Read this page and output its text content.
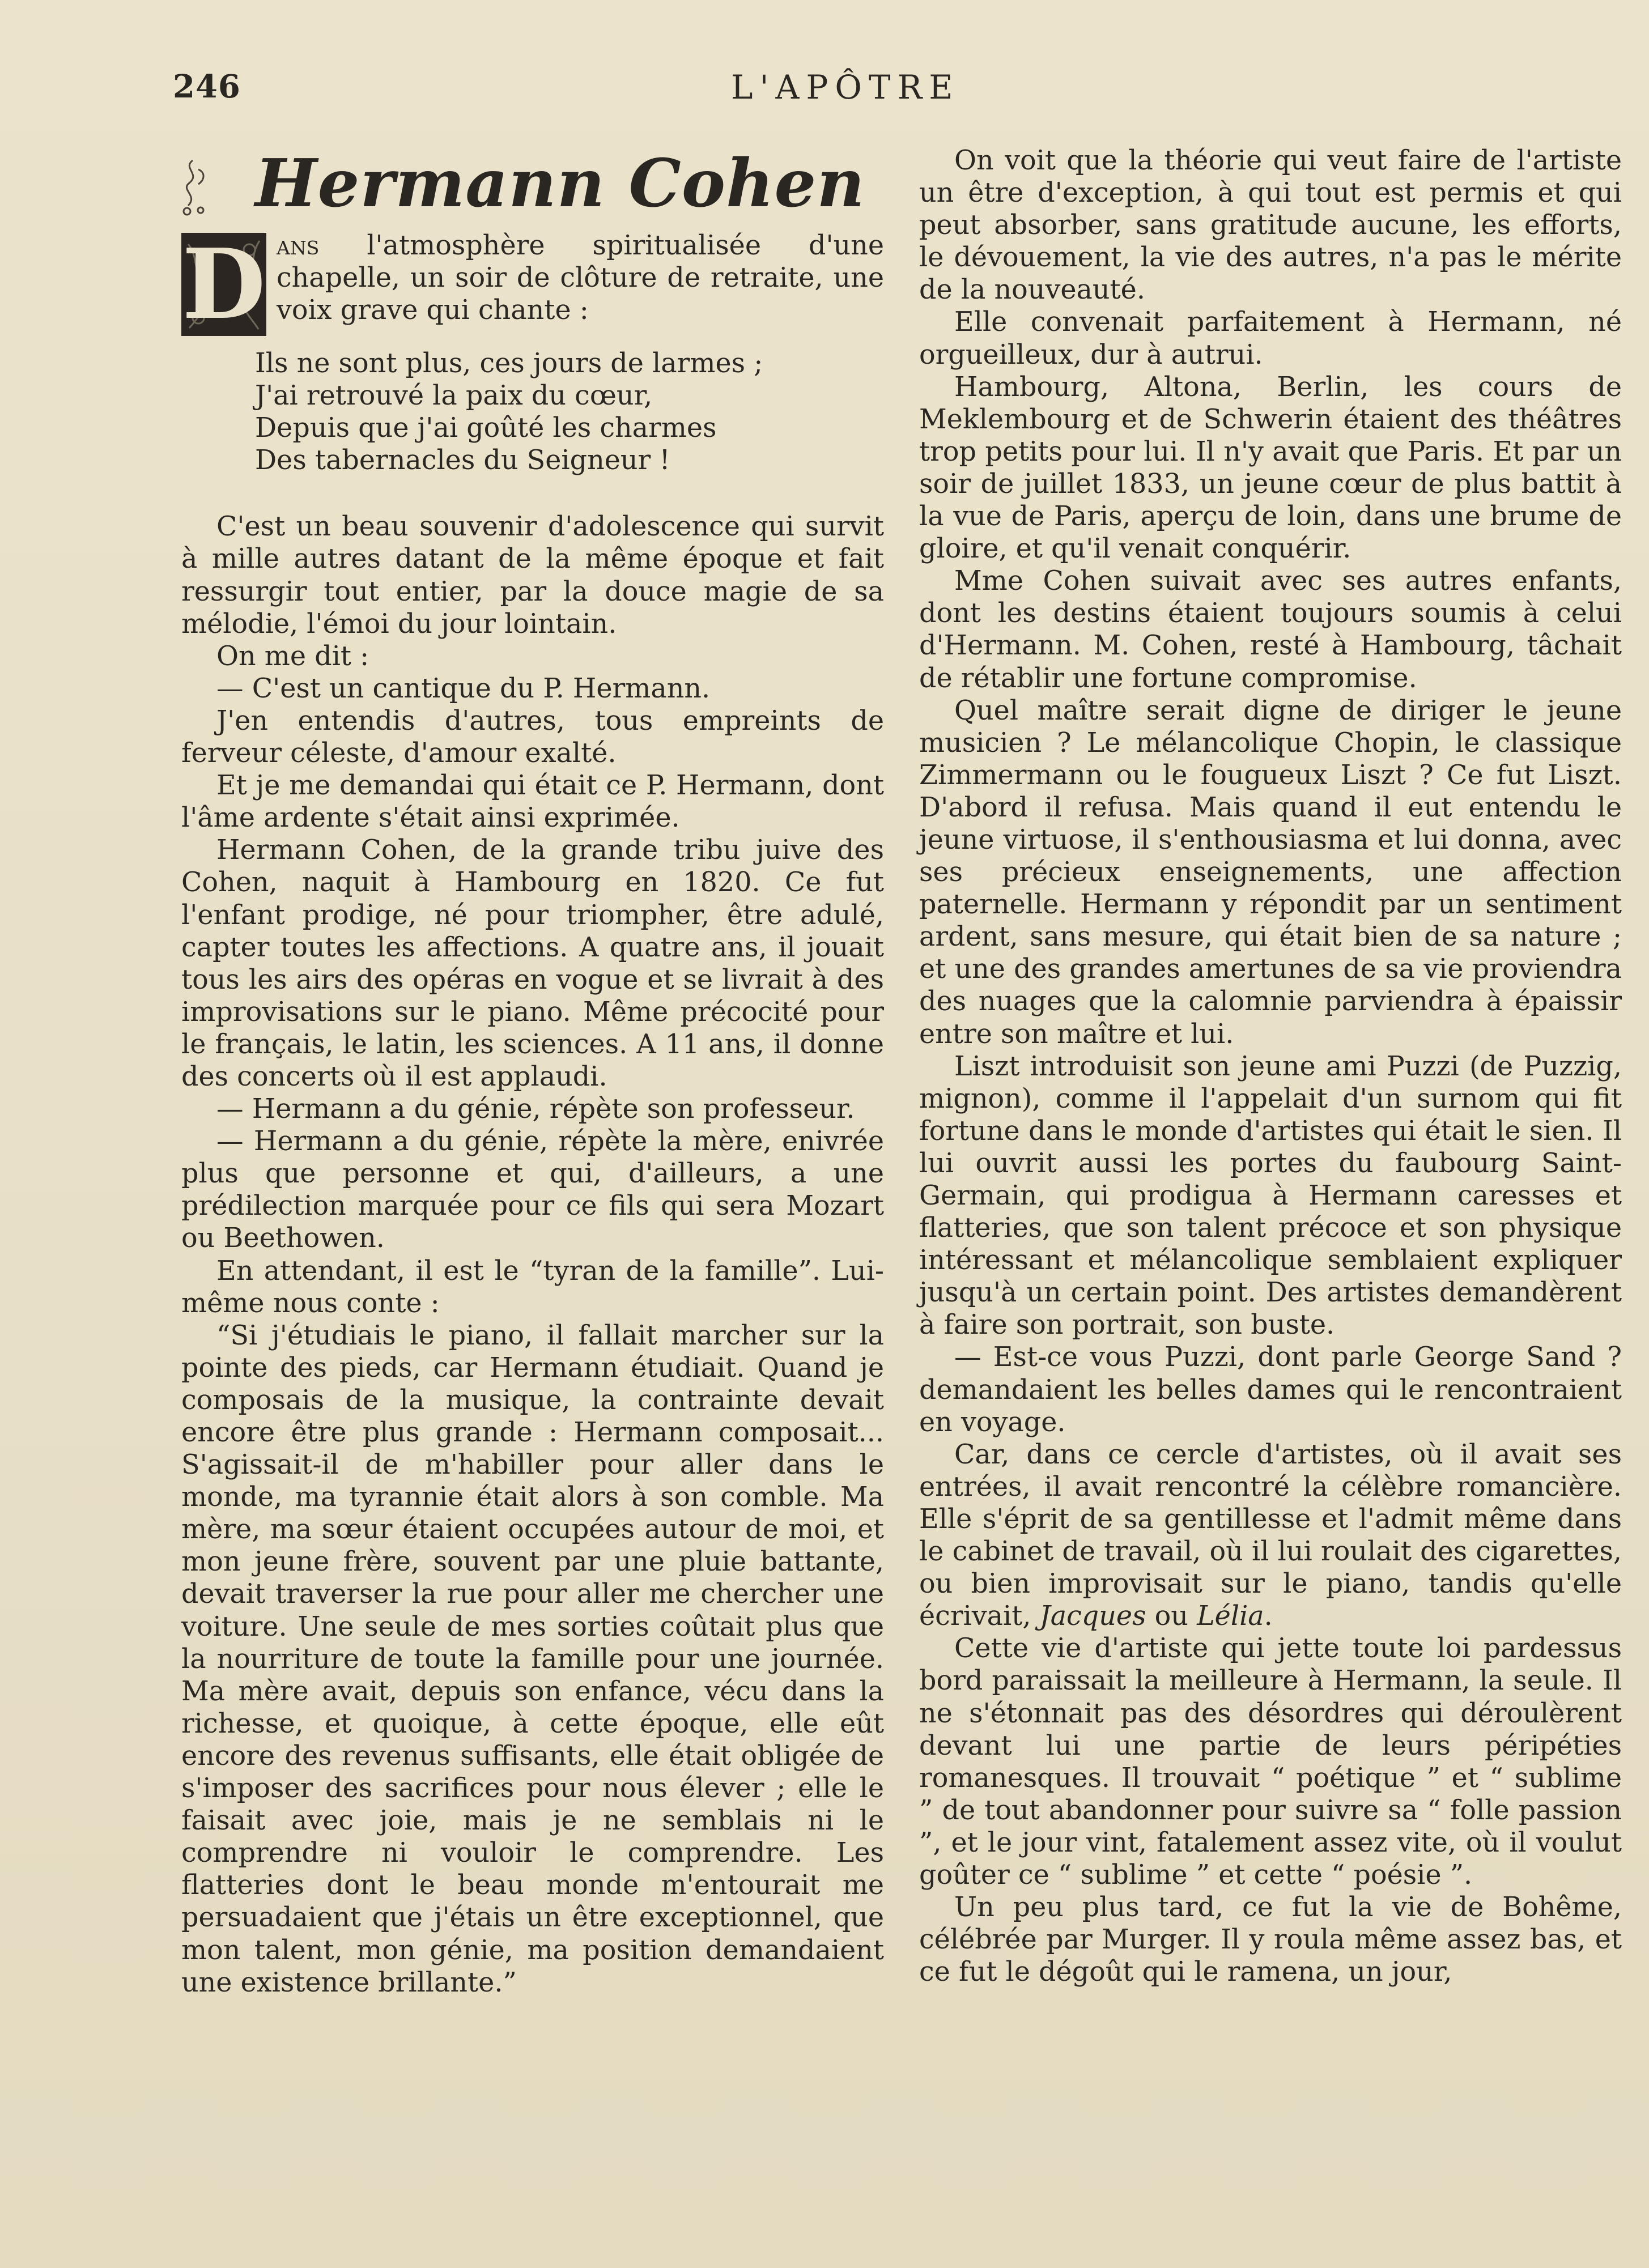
246	L'APÔTRE
Hermann Cohen
D ans l'atmosphère spiritualisée d'une chapelle, un soir de clôture de retraite, une voix grave qui chante :

Ils ne sont plus, ces jours de larmes ;
J'ai retrouvé la paix du cœur,
Depuis que j'ai goûté les charmes
Des tabernacles du Seigneur !

C'est un beau souvenir d'adolescence qui survit à mille autres datant de la même époque et fait ressurgir tout entier, par la douce magie de sa mélodie, l'émoi du jour lointain.

On me dit :

— C'est un cantique du P. Hermann.

J'en entendis d'autres, tous empreints de ferveur céleste, d'amour exalté.

Et je me demandai qui était ce P. Hermann, dont l'âme ardente s'était ainsi exprimée.

Hermann Cohen, de la grande tribu juive des Cohen, naquit à Hambourg en 1820. Ce fut l'enfant prodige, né pour triompher, être adulé, capter toutes les affections. A quatre ans, il jouait tous les airs des opéras en vogue et se livrait à des improvisations sur le piano. Même précocité pour le français, le latin, les sciences. A 11 ans, il donne des concerts où il est applaudi.

— Hermann a du génie, répète son professeur.

— Hermann a du génie, répète la mère, enivrée plus que personne et qui, d'ailleurs, a une prédilection marquée pour ce fils qui sera Mozart ou Beethowen.

En attendant, il est le “tyran de la famille”. Lui-même nous conte :

“Si j'étudiais le piano, il fallait marcher sur la pointe des pieds, car Hermann étudiait. Quand je composais de la musique, la contrainte devait encore être plus grande : Hermann composait... S'agissait-il de m'habiller pour aller dans le monde, ma tyrannie était alors à son comble. Ma mère, ma sœur étaient occupées autour de moi, et mon jeune frère, souvent par une pluie battante, devait traverser la rue pour aller me chercher une voiture. Une seule de mes sorties coûtait plus que la nourriture de toute la famille pour une journée. Ma mère avait, depuis son enfance, vécu dans la richesse, et quoique, à cette époque, elle eût encore des revenus suffisants, elle était obligée de s'imposer des sacrifices pour nous élever ; elle le faisait avec joie, mais je ne semblais ni le comprendre ni vouloir le comprendre. Les flatteries dont le beau monde m'entourait me persuadaient que j'étais un être exceptionnel, que mon talent, mon génie, ma position demandaient une existence brillante.”

On voit que la théorie qui veut faire de l'artiste un être d'exception, à qui tout est permis et qui peut absorber, sans gratitude aucune, les efforts, le dévouement, la vie des autres, n'a pas le mérite de la nouveauté.

Elle convenait parfaitement à Hermann, né orgueilleux, dur à autrui.

Hambourg, Altona, Berlin, les cours de Meklembourg et de Schwerin étaient des théâtres trop petits pour lui. Il n'y avait que Paris. Et par un soir de juillet 1833, un jeune cœur de plus battit à la vue de Paris, aperçu de loin, dans une brume de gloire, et qu'il venait conquérir.

Mme Cohen suivait avec ses autres enfants, dont les destins étaient toujours soumis à celui d'Hermann. M. Cohen, resté à Hambourg, tâchait de rétablir une fortune compromise.

Quel maître serait digne de diriger le jeune musicien ? Le mélancolique Chopin, le classique Zimmermann ou le fougueux Liszt ? Ce fut Liszt. D'abord il refusa. Mais quand il eut entendu le jeune virtuose, il s'enthousiasma et lui donna, avec ses précieux enseignements, une affection paternelle. Hermann y répondit par un sentiment ardent, sans mesure, qui était bien de sa nature ; et une des grandes amertunes de sa vie proviendra des nuages que la calomnie parviendra à épaissir entre son maître et lui.

Liszt introduisit son jeune ami Puzzi (de Puzzig, mignon), comme il l'appelait d'un surnom qui fit fortune dans le monde d'artistes qui était le sien. Il lui ouvrit aussi les portes du faubourg Saint-Germain, qui prodigua à Hermann caresses et flatteries, que son talent précoce et son physique intéressant et mélancolique semblaient expliquer jusqu'à un certain point. Des artistes demandèrent à faire son portrait, son buste.

— Est-ce vous Puzzi, dont parle George Sand ? demandaient les belles dames qui le rencontraient en voyage.

Car, dans ce cercle d'artistes, où il avait ses entrées, il avait rencontré la célèbre romancière. Elle s'éprit de sa gentillesse et l'admit même dans le cabinet de travail, où il lui roulait des cigarettes, ou bien improvisait sur le piano, tandis qu'elle écrivait, Jacques ou Lélia.

Cette vie d'artiste qui jette toute loi pardessus bord paraissait la meilleure à Hermann, la seule. Il ne s'étonnait pas des désordres qui déroulèrent devant lui une partie de leurs péripéties romanesques. Il trouvait “ poétique ” et “ sublime ” de tout abandonner pour suivre sa “ folle passion ”, et le jour vint, fatalement assez vite, où il voulut goûter ce “ sublime ” et cette “ poésie ”.

Un peu plus tard, ce fut la vie de Bohême, célébrée par Murger. Il y roula même assez bas, et ce fut le dégoût qui le ramena, un jour,
